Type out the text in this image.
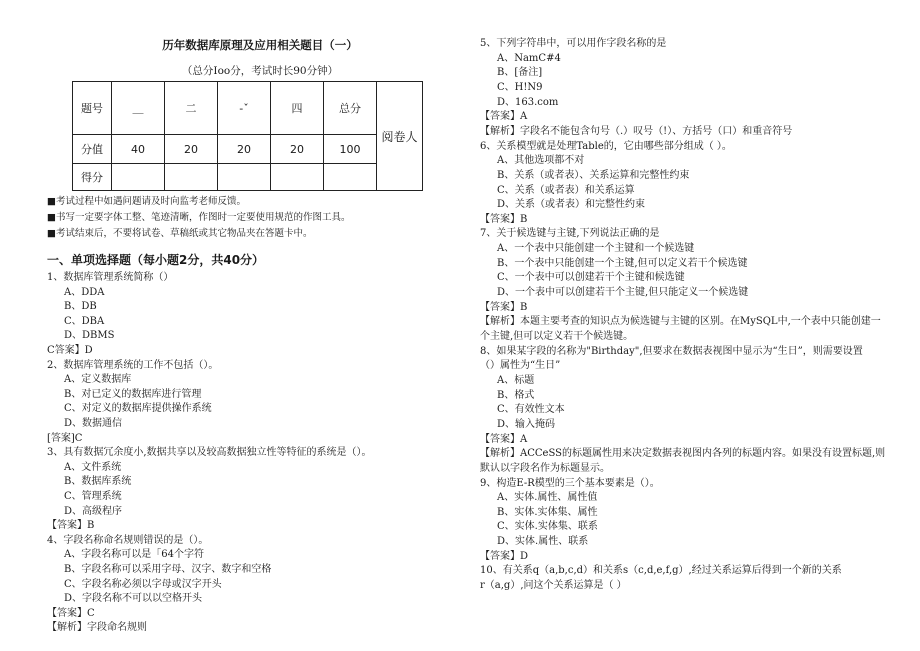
历年数据库原理及应用相关题目（一）
（总分Ioo分，考试时长90分钟）
题号	＿	二	-ˇ	四	总分	阅卷人
分值	40	20	20	20	100	
得分						
■考试过程中如遇问题请及时向监考老师反馈。
■书写一定要字体工整、笔迹清晰，作图时一定要使用规范的作图工具。
■考试结束后，不要将试卷、草稿纸或其它物品夹在答题卡中。
一、单项选择题（每小题2分，共40分）
1、数据库管理系统简称（）
A、DDA
B、DB
C、DBA
D、DBMS
C答案】D
2、数据库管理系统的工作不包括（）。
A、定义数据库
B、对已定义的数据库进行管理
C、对定义的数据库提供操作系统
D、数据通信
[答案]C
3、具有数据冗余度小,数据共享以及较高数据独立性等特征的系统是（）。
A、文件系统
B、数据库系统
C、管理系统
D、高级程序
【答案】B
4、字段名称命名规则错误的是（）。
A、字段名称可以是「64个字符
B、字段名称可以采用字母、汉字、数字和空格
C、字段名称必须以字母或汉字开头
D、字段名称不可以以空格开头
【答案】C
【解析】字段命名规则
5、下列字符串中，可以用作字段名称的是
A、NamC#4
B、[备注]
C、H!N9
D、163.com
【答案】A
【解析】字段名不能包含句号（.）叹号（!）、方括号（口）和重音符号
6、关系模型就是处理Table的，它由哪些部分组成（ ）。
A、其他选项都不对
B、关系（或者表）、关系运算和完整性约束
C、关系（或者表）和关系运算
D、关系（或者表）和完整性约束
【答案】B
7、关于候选键与主键,下列说法正确的是
A、一个表中只能创建一个主键和一个候选键
B、一个表中只能创建一个主键,但可以定义若干个候选键
C、一个表中可以创建若干个主键和候选键
D、一个表中可以创建若干个主键,但只能定义一个候选键
【答案】B
【解析】本题主要考查的知识点为候选键与主键的区别。在MySQL中,一个表中只能创建一
个主键,但可以定义若干个候选键。
8、如果某字段的名称为"Birthday",但要求在数据表视图中显示为“生日”，则需要设置
（）属性为“生日”
A、标题
B、格式
C、有效性文本
D、输入掩码
【答案】A
【解析】ACCeSS的标题属性用来决定数据表视图内各列的标题内容。如果没有设置标题,则
默认以字段名作为标题显示。
9、构造E-R模型的三个基本要素是（）。
A、实体.属性、属性值
B、实体.实体集、属性
C、实体.实体集、联系
D、实体.属性、联系
【答案】D
10、有关系q（a,b,c,d）和关系s（c,d,e,f,g）,经过关系运算后得到一个新的关系
r（a,g）,问这个关系运算是（ ）
